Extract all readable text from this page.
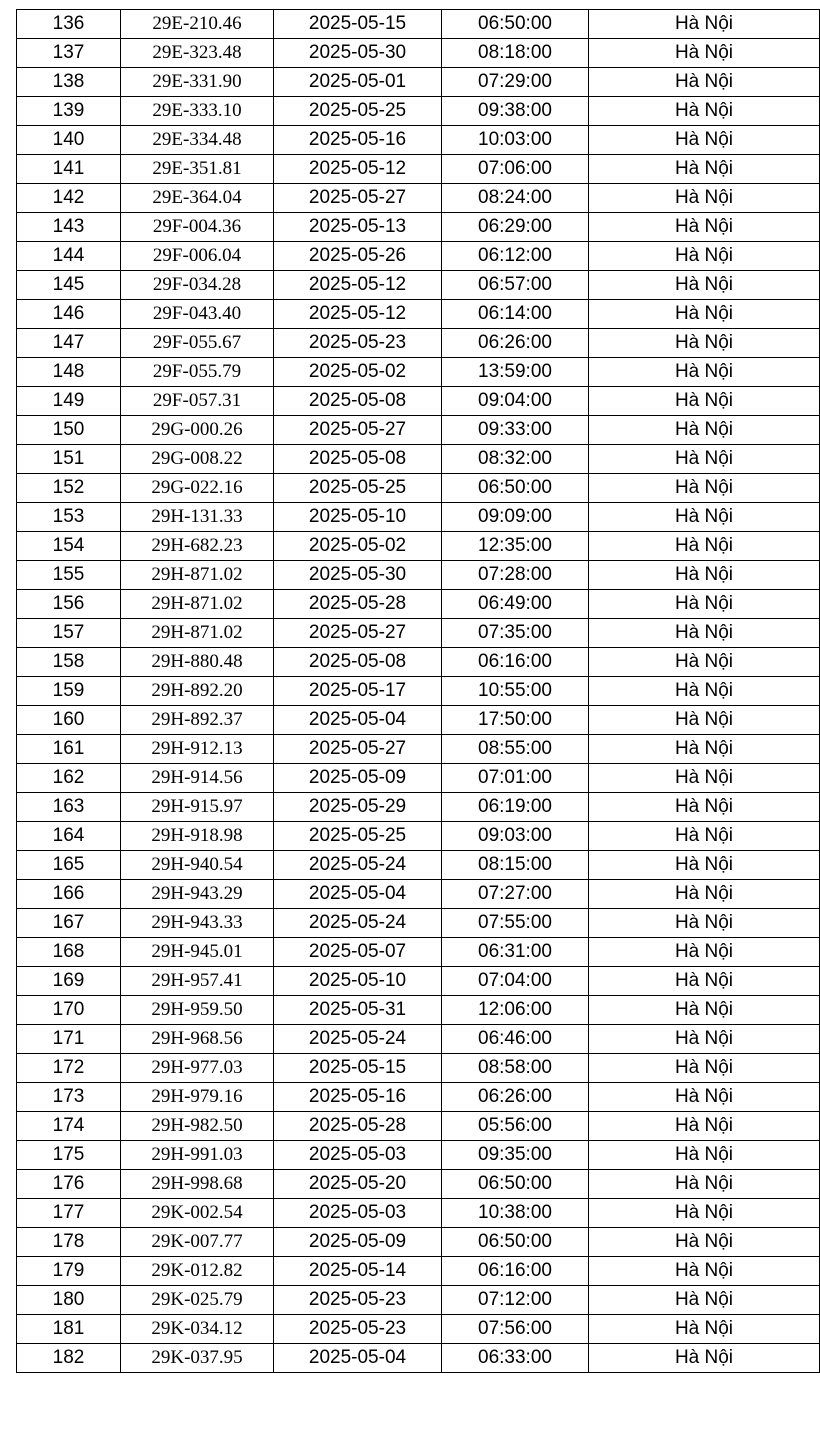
136	29E-210.46	2025-05-15	06:50:00	Hà Nội
137	29E-323.48	2025-05-30	08:18:00	Hà Nội
138	29E-331.90	2025-05-01	07:29:00	Hà Nội
139	29E-333.10	2025-05-25	09:38:00	Hà Nội
140	29E-334.48	2025-05-16	10:03:00	Hà Nội
141	29E-351.81	2025-05-12	07:06:00	Hà Nội
142	29E-364.04	2025-05-27	08:24:00	Hà Nội
143	29F-004.36	2025-05-13	06:29:00	Hà Nội
144	29F-006.04	2025-05-26	06:12:00	Hà Nội
145	29F-034.28	2025-05-12	06:57:00	Hà Nội
146	29F-043.40	2025-05-12	06:14:00	Hà Nội
147	29F-055.67	2025-05-23	06:26:00	Hà Nội
148	29F-055.79	2025-05-02	13:59:00	Hà Nội
149	29F-057.31	2025-05-08	09:04:00	Hà Nội
150	29G-000.26	2025-05-27	09:33:00	Hà Nội
151	29G-008.22	2025-05-08	08:32:00	Hà Nội
152	29G-022.16	2025-05-25	06:50:00	Hà Nội
153	29H-131.33	2025-05-10	09:09:00	Hà Nội
154	29H-682.23	2025-05-02	12:35:00	Hà Nội
155	29H-871.02	2025-05-30	07:28:00	Hà Nội
156	29H-871.02	2025-05-28	06:49:00	Hà Nội
157	29H-871.02	2025-05-27	07:35:00	Hà Nội
158	29H-880.48	2025-05-08	06:16:00	Hà Nội
159	29H-892.20	2025-05-17	10:55:00	Hà Nội
160	29H-892.37	2025-05-04	17:50:00	Hà Nội
161	29H-912.13	2025-05-27	08:55:00	Hà Nội
162	29H-914.56	2025-05-09	07:01:00	Hà Nội
163	29H-915.97	2025-05-29	06:19:00	Hà Nội
164	29H-918.98	2025-05-25	09:03:00	Hà Nội
165	29H-940.54	2025-05-24	08:15:00	Hà Nội
166	29H-943.29	2025-05-04	07:27:00	Hà Nội
167	29H-943.33	2025-05-24	07:55:00	Hà Nội
168	29H-945.01	2025-05-07	06:31:00	Hà Nội
169	29H-957.41	2025-05-10	07:04:00	Hà Nội
170	29H-959.50	2025-05-31	12:06:00	Hà Nội
171	29H-968.56	2025-05-24	06:46:00	Hà Nội
172	29H-977.03	2025-05-15	08:58:00	Hà Nội
173	29H-979.16	2025-05-16	06:26:00	Hà Nội
174	29H-982.50	2025-05-28	05:56:00	Hà Nội
175	29H-991.03	2025-05-03	09:35:00	Hà Nội
176	29H-998.68	2025-05-20	06:50:00	Hà Nội
177	29K-002.54	2025-05-03	10:38:00	Hà Nội
178	29K-007.77	2025-05-09	06:50:00	Hà Nội
179	29K-012.82	2025-05-14	06:16:00	Hà Nội
180	29K-025.79	2025-05-23	07:12:00	Hà Nội
181	29K-034.12	2025-05-23	07:56:00	Hà Nội
182	29K-037.95	2025-05-04	06:33:00	Hà Nội
